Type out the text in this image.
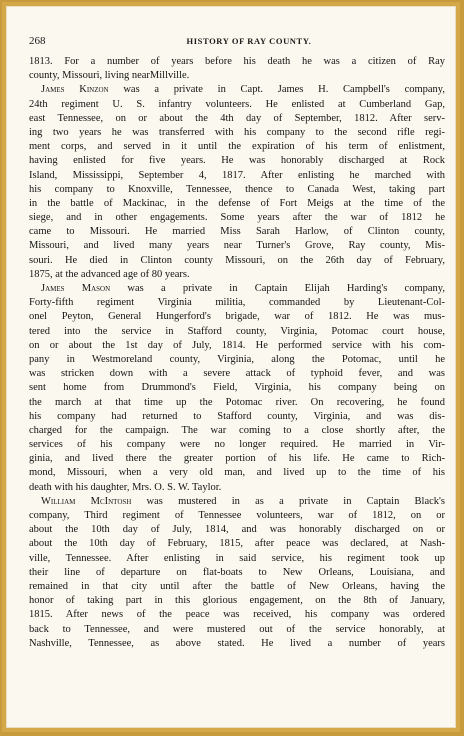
268	HISTORY OF RAY COUNTY.
1813. For a number of years before his death he was a citizen of Ray
county, Missouri, living nearMillville.
James Kinzon was a private in Capt. James H. Campbell's company,
24th regiment U. S. infantry volunteers. He enlisted at Cumberland Gap,
east Tennessee, on or about the 4th day of September, 1812. After serv-
ing two years he was transferred with his company to the second rifle regi-
ment corps, and served in it until the expiration of his term of enlistment,
having enlisted for five years. He was honorably discharged at Rock
Island, Mississippi, September 4, 1817. After enlisting he marched with
his company to Knoxville, Tennessee, thence to Canada West, taking part
in the battle of Mackinac, in the defense of Fort Meigs at the time of the
siege, and in other engagements. Some years after the war of 1812 he
came to Missouri. He married Miss Sarah Harlow, of Clinton county,
Missouri, and lived many years near Turner's Grove, Ray county, Mis-
souri. He died in Clinton county Missouri, on the 26th day of February,
1875, at the advanced age of 80 years.
James Mason was a private in Captain Elijah Harding's company,
Forty-fifth regiment Virginia militia, commanded by Lieutenant-Col-
onel Peyton, General Hungerford's brigade, war of 1812. He was mus-
tered into the service in Stafford county, Virginia, Potomac court house,
on or about the 1st day of July, 1814. He performed service with his com-
pany in Westmoreland county, Virginia, along the Potomac, until he
was stricken down with a severe attack of typhoid fever, and was
sent home from Drummond's Field, Virginia, his company being on
the march at that time up the Potomac river. On recovering, he found
his company had returned to Stafford county, Virginia, and was dis-
charged for the campaign. The war coming to a close shortly after, the
services of his company were no longer required. He married in Vir-
ginia, and lived there the greater portion of his life. He came to Rich-
mond, Missouri, when a very old man, and lived up to the time of his
death with his daughter, Mrs. O. S. W. Taylor.
William McIntosh was mustered in as a private in Captain Black's
company, Third regiment of Tennessee volunteers, war of 1812, on or
about the 10th day of July, 1814, and was honorably discharged on or
about the 10th day of February, 1815, after peace was declared, at Nash-
ville, Tennessee. After enlisting in said service, his regiment took up
their line of departure on flat-boats to New Orleans, Louisiana, and
remained in that city until after the battle of New Orleans, having the
honor of taking part in this glorious engagement, on the 8th of January,
1815. After news of the peace was received, his company was ordered
back to Tennessee, and were mustered out of the service honorably, at
Nashville, Tennessee, as above stated. He lived a number of years
